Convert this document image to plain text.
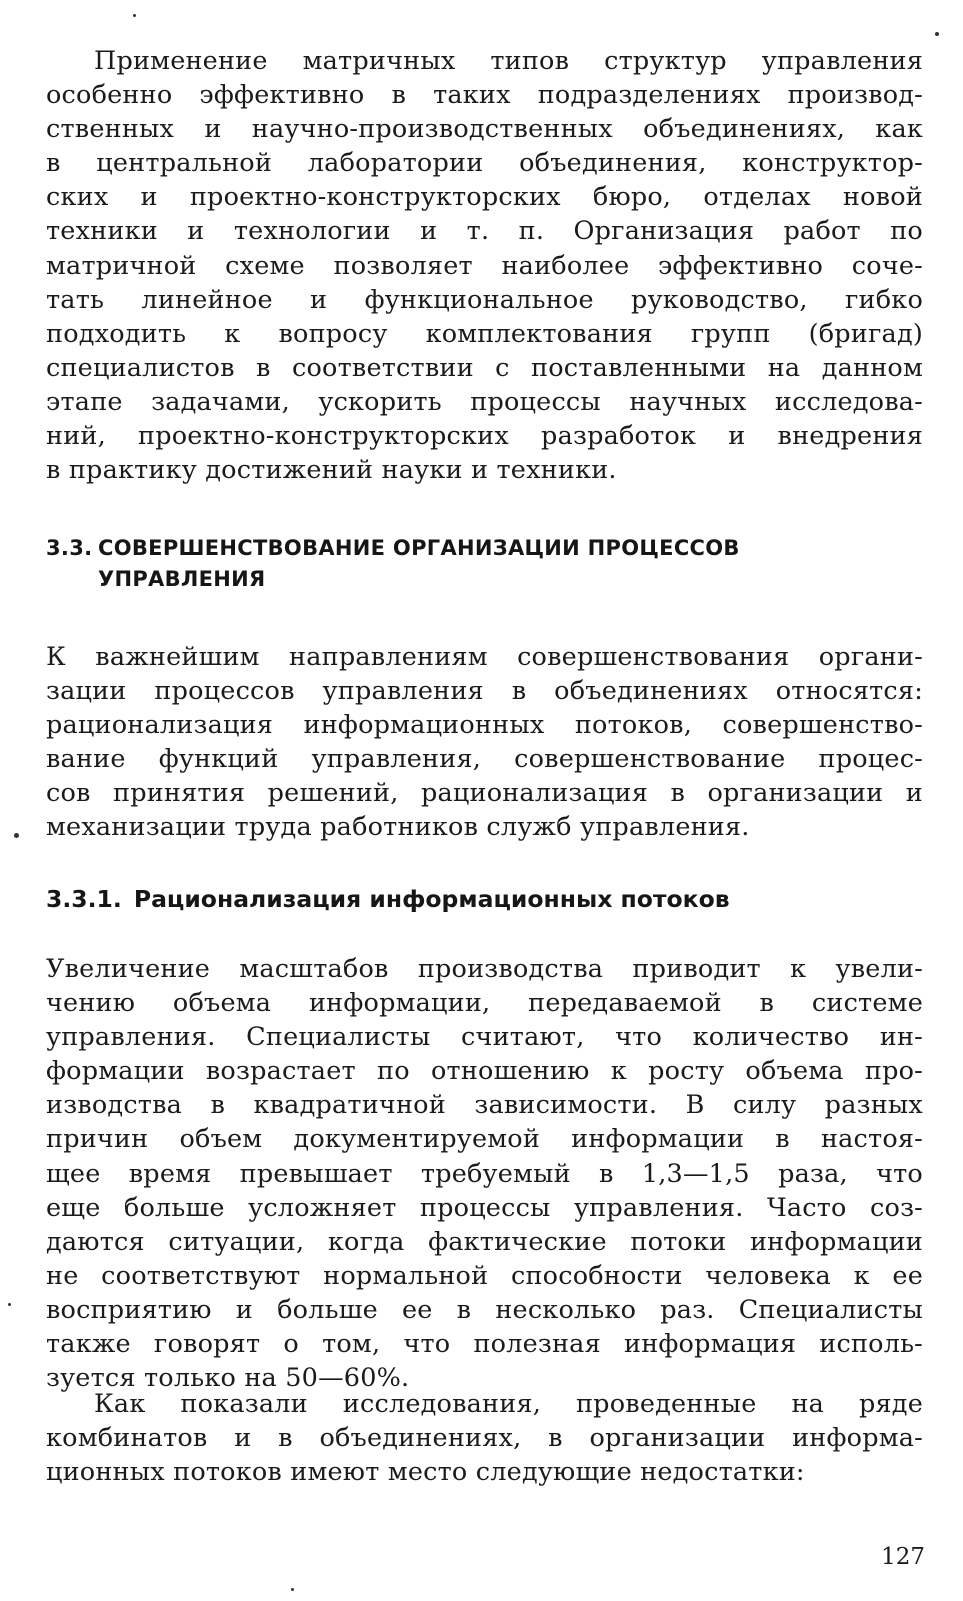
Применение матричных типов структур управления
особенно эффективно в таких подразделениях производ-
ственных и научно-производственных объединениях, как
в центральной лаборатории объединения, конструктор-
ских и проектно-конструкторских бюро, отделах новой
техники и технологии и т. п. Организация работ по
матричной схеме позволяет наиболее эффективно соче-
тать линейное и функциональное руководство, гибко
подходить к вопросу комплектования групп (бригад)
специалистов в соответствии с поставленными на данном
этапе задачами, ускорить процессы научных исследова-
ний, проектно-конструкторских разработок и внедрения
в практику достижений науки и техники.
3.3. СОВЕРШЕНСТВОВАНИЕ ОРГАНИЗАЦИИ ПРОЦЕССОВ
УПРАВЛЕНИЯ
К важнейшим направлениям совершенствования органи-
зации процессов управления в объединениях относятся:
рационализация информационных потоков, совершенство-
вание функций управления, совершенствование процес-
сов принятия решений, рационализация в организации и
механизации труда работников служб управления.
3.3.1. Рационализация информационных потоков
Увеличение масштабов производства приводит к увели-
чению объема информации, передаваемой в системе
управления. Специалисты считают, что количество ин-
формации возрастает по отношению к росту объема про-
изводства в квадратичной зависимости. В силу разных
причин объем документируемой информации в настоя-
щее время превышает требуемый в 1,3—1,5 раза, что
еще больше усложняет процессы управления. Часто соз-
даются ситуации, когда фактические потоки информации
не соответствуют нормальной способности человека к ее
восприятию и больше ее в несколько раз. Специалисты
также говорят о том, что полезная информация исполь-
зуется только на 50—60%.
Как показали исследования, проведенные на ряде
комбинатов и в объединениях, в организации информа-
ционных потоков имеют место следующие недостатки:
127
